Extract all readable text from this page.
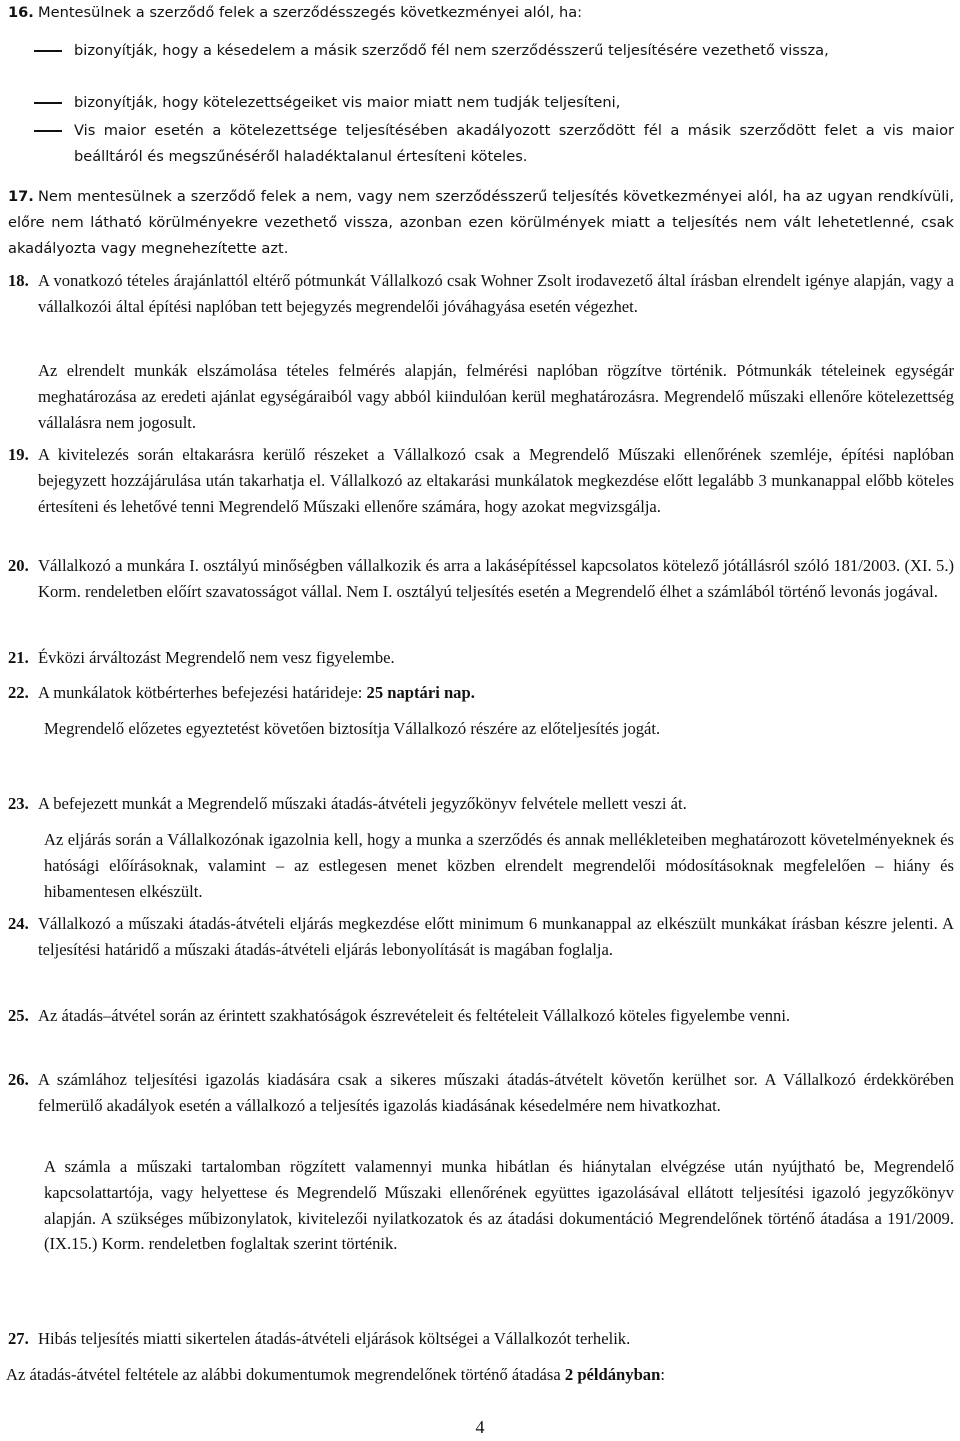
16. Mentesülnek a szerződő felek a szerződésszegés következményei alól, ha:
bizonyítják, hogy a késedelem a másik szerződő fél nem szerződésszerű teljesítésére vezethető vissza,
bizonyítják, hogy kötelezettségeiket vis maior miatt nem tudják teljesíteni,
Vis maior esetén a kötelezettsége teljesítésében akadályozott szerződött fél a másik szerződött felet a vis maior beálltáról és megszűnéséről haladéktalanul értesíteni köteles.
17. Nem mentesülnek a szerződő felek a nem, vagy nem szerződésszerű teljesítés következményei alól, ha az ugyan rendkívüli, előre nem látható körülményekre vezethető vissza, azonban ezen körülmények miatt a teljesítés nem vált lehetetlenné, csak akadályozta vagy megnehezítette azt.
18. A vonatkozó tételes árajánlattól eltérő pótmunkát Vállalkozó csak Wohner Zsolt irodavezető által írásban elrendelt igénye alapján, vagy a vállalkozói által építési naplóban tett bejegyzés megrendelői jóváhagyása esetén végezhet.
Az elrendelt munkák elszámolása tételes felmérés alapján, felmérési naplóban rögzítve történik. Pótmunkák tételeinek egységár meghatározása az eredeti ajánlat egységáraiból vagy abból kiindulóan kerül meghatározásra. Megrendelő műszaki ellenőre kötelezettség vállalásra nem jogosult.
19. A kivitelezés során eltakarásra kerülő részeket a Vállalkozó csak a Megrendelő Műszaki ellenőrének szemléje, építési naplóban bejegyzett hozzájárulása után takarhatja el. Vállalkozó az eltakarási munkálatok megkezdése előtt legalább 3 munkanappal előbb köteles értesíteni és lehetővé tenni Megrendelő Műszaki ellenőre számára, hogy azokat megvizsgálja.
20. Vállalkozó a munkára I. osztályú minőségben vállalkozik és arra a lakásépítéssel kapcsolatos kötelező jótállásról szóló 181/2003. (XI. 5.) Korm. rendeletben előírt szavatosságot vállal. Nem I. osztályú teljesítés esetén a Megrendelő élhet a számlából történő levonás jogával.
21. Évközi árváltozást Megrendelő nem vesz figyelembe.
22. A munkálatok kötbérterhes befejezési határideje: 25 naptári nap.
Megrendelő előzetes egyeztetést követően biztosítja Vállalkozó részére az előteljesítés jogát.
23. A befejezett munkát a Megrendelő műszaki átadás-átvételi jegyzőkönyv felvétele mellett veszi át.
Az eljárás során a Vállalkozónak igazolnia kell, hogy a munka a szerződés és annak mellékleteiben meghatározott követelményeknek és hatósági előírásoknak, valamint – az estlegesen menet közben elrendelt megrendelői módosításoknak megfelelően – hiány és hibamentesen elkészült.
24. Vállalkozó a műszaki átadás-átvételi eljárás megkezdése előtt minimum 6 munkanappal az elkészült munkákat írásban készre jelenti. A teljesítési határidő a műszaki átadás-átvételi eljárás lebonyolítását is magában foglalja.
25. Az átadás–átvétel során az érintett szakhatóságok észrevételeit és feltételeit Vállalkozó köteles figyelembe venni.
26. A számlához teljesítési igazolás kiadására csak a sikeres műszaki átadás-átvételt követőn kerülhet sor. A Vállalkozó érdekkörében felmerülő akadályok esetén a vállalkozó a teljesítés igazolás kiadásának késedelmére nem hivatkozhat.
A számla a műszaki tartalomban rögzített valamennyi munka hibátlan és hiánytalan elvégzése után nyújtható be, Megrendelő kapcsolattartója, vagy helyettese és Megrendelő Műszaki ellenőrének együttes igazolásával ellátott teljesítési igazoló jegyzőkönyv alapján. A szükséges műbizonylatok, kivitelezői nyilatkozatok és az átadási dokumentáció Megrendelőnek történő átadása a 191/2009. (IX.15.) Korm. rendeletben foglaltak szerint történik.
27. Hibás teljesítés miatti sikertelen átadás-átvételi eljárások költségei a Vállalkozót terhelik.
Az átadás-átvétel feltétele az alábbi dokumentumok megrendelőnek történő átadása 2 példányban:
4
